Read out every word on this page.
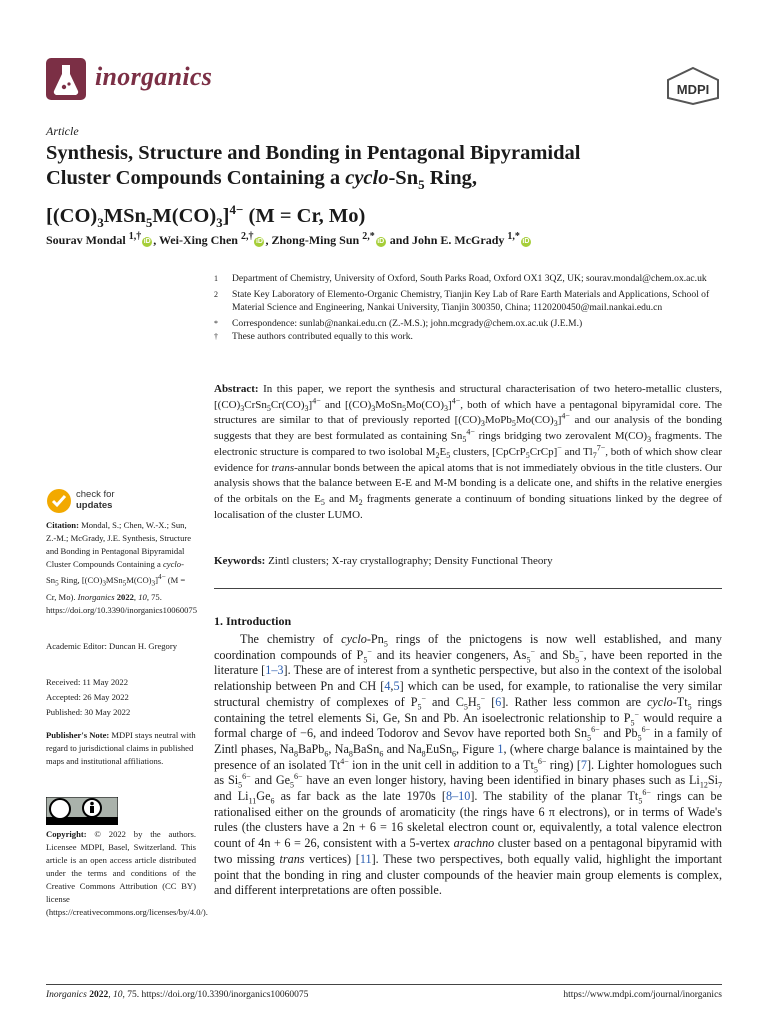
inorganics	MDPI
Article
Synthesis, Structure and Bonding in Pentagonal Bipyramidal
Cluster Compounds Containing a cyclo-$Sn_5$ Ring,
$[(CO)_3MSn_5M(CO)_3]^{4-}$ (M = Cr, Mo)
Sourav Mondal $^{1,\dagger}$ iD , Wei-Xing Chen $^{2,\dagger}$ iD , Zhong-Ming Sun $^{2,*}$ iD and John E. McGrady $^{1,*}$ iD
1 Department of Chemistry, University of Oxford, South Parks Road, Oxford OX1 3QZ, UK; sourav.mondal@chem.ox.ac.uk
2 State Key Laboratory of Elemento-Organic Chemistry, Tianjin Key Lab of Rare Earth Materials and Applications, School of Material Science and Engineering, Nankai University, Tianjin 300350, China; 1120200450@mail.nankai.edu.cn
* Correspondence: sunlab@nankai.edu.cn (Z.-M.S.); john.mcgrady@chem.ox.ac.uk (J.E.M.)
† These authors contributed equally to this work.
Abstract: In this paper, we report the synthesis and structural characterisation of two hetero-metallic clusters, $[(CO)_3CrSn_5Cr(CO)_3]^{4-}$ and $[(CO)_3MoSn_5Mo(CO)_3]^{4-}$, both of which have a pentagonal bipyramidal core. The structures are similar to that of previously reported $[(CO)_3MoPb_5Mo(CO)_3]^{4-}$ and our analysis of the bonding suggests that they are best formulated as containing $Sn_5^{4-}$ rings bridging two zerovalent $M(CO)_3$ fragments. The electronic structure is compared to two isolobal $M_2E_5$ clusters, [CpCrP$_5$CrCp]− and $Tl_7^{7-}$, both of which show clear evidence for trans-annular bonds between the apical atoms that is not immediately obvious in the title clusters. Our analysis shows that the balance between E-E and M-M bonding is a delicate one, and shifts in the relative energies of the orbitals on the $E_5$ and $M_2$ fragments generate a continuum of bonding situations linked by the degree of localisation of the cluster LUMO.
Keywords: Zintl clusters; X-ray crystallography; Density Functional Theory
check for
updates
Citation: Mondal, S.; Chen, W.-X.; Sun, Z.-M.; McGrady, J.E. Synthesis, Structure and Bonding in Pentagonal Bipyramidal Cluster Compounds Containing a cyclo-$Sn_5$ Ring, $[(CO)_3MSn_5M(CO)_3]^{4-}$ (M = Cr, Mo). Inorganics 2022, 10, 75. https://doi.org/10.3390/inorganics10060075
Academic Editor: Duncan H. Gregory
Received: 11 May 2022
Accepted: 26 May 2022
Published: 30 May 2022
Publisher's Note: MDPI stays neutral with regard to jurisdictional claims in published maps and institutional affiliations.
Copyright: © 2022 by the authors. Licensee MDPI, Basel, Switzerland. This article is an open access article distributed under the terms and conditions of the Creative Commons Attribution (CC BY) license (https://creativecommons.org/licenses/by/4.0/).
1. Introduction
The chemistry of cyclo-$Pn_5$ rings of the pnictogens is now well established, and many coordination compounds of $P_5^-$ and its heavier congeners, $As_5^-$ and $Sb_5^-$, have been reported in the literature [1–3]. These are of interest from a synthetic perspective, but also in the context of the isolobal relationship between Pn and CH [4,5] which can be used, for example, to rationalise the very similar structural chemistry of complexes of $P_5^-$ and $C_5H_5^-$ [6]. Rather less common are cyclo-$Tt_5$ rings containing the tetrel elements Si, Ge, Sn and Pb. An isoelectronic relationship to $P_5^-$ would require a formal charge of −6, and indeed Todorov and Sevov have reported both $Sn_5^{6-}$ and $Pb_5^{6-}$ in a family of Zintl phases, $Na_8BaPb_6$, $Na_8BaSn_6$ and $Na_8EuSn_6$, Figure 1, (where charge balance is maintained by the presence of an isolated $Tt^{4-}$ ion in the unit cell in addition to a $Tt_5^{6-}$ ring) [7]. Lighter homologues such as $Si_5^{6-}$ and $Ge_5^{6-}$ have an even longer history, having been identified in binary phases such as $Li_{12}Si_7$ and $Li_{11}Ge_6$ as far back as the late 1970s [8–10]. The stability of the planar $Tt_5^{6-}$ rings can be rationalised either on the grounds of aromaticity (the rings have 6 π electrons), or in terms of Wade's rules (the clusters have a 2n + 6 = 16 skeletal electron count or, equivalently, a total valence electron count of 4n + 6 = 26, consistent with a 5-vertex arachno cluster based on a pentagonal bipyramid with two missing trans vertices) [11]. These two perspectives, both equally valid, highlight the important point that the bonding in ring and cluster compounds of the heavier main group elements is complex, and different interpretations are often possible.
Inorganics 2022, 10, 75. https://doi.org/10.3390/inorganics10060075	https://www.mdpi.com/journal/inorganics
